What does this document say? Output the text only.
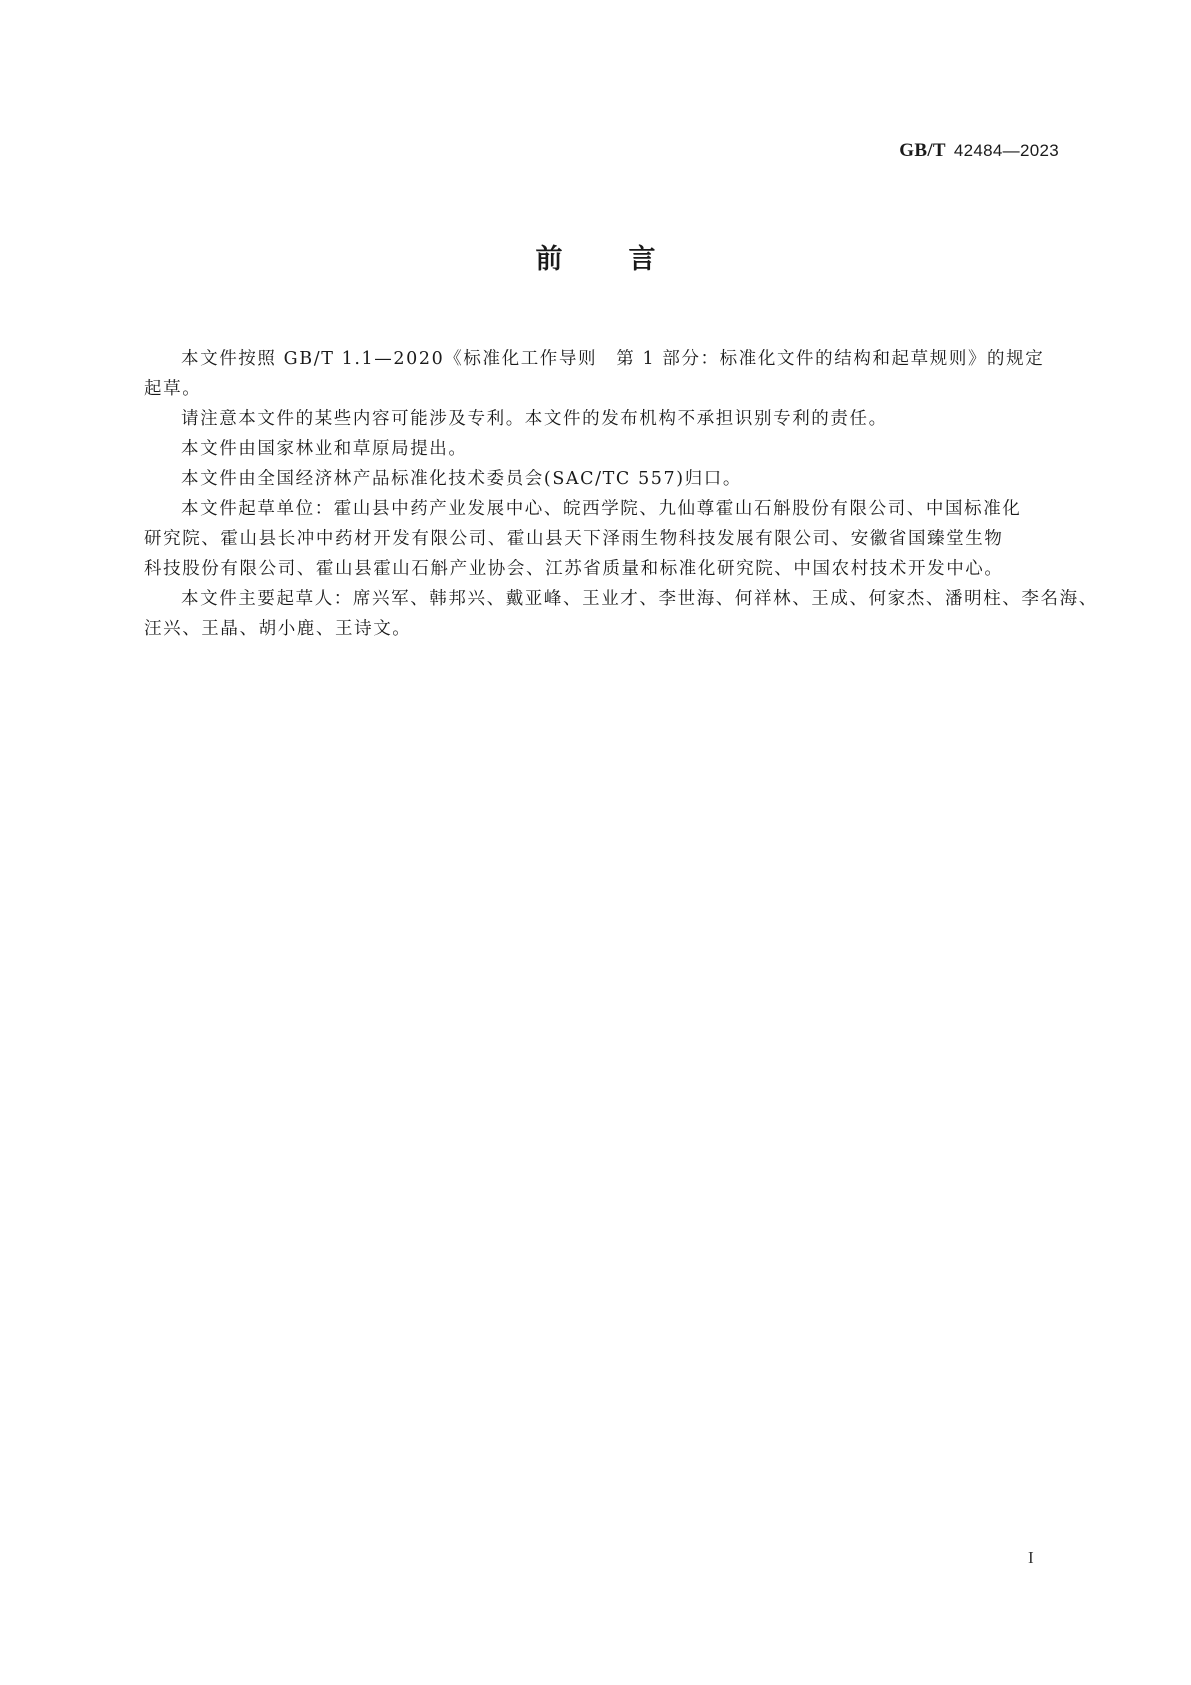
GB/T 42484—2023
前 言
本文件按照 GB/T 1.1—2020《标准化工作导则　第 1 部分：标准化文件的结构和起草规则》的规定
起草。
请注意本文件的某些内容可能涉及专利。本文件的发布机构不承担识别专利的责任。
本文件由国家林业和草原局提出。
本文件由全国经济林产品标准化技术委员会(SAC/TC 557)归口。
本文件起草单位：霍山县中药产业发展中心、皖西学院、九仙尊霍山石斛股份有限公司、中国标准化
研究院、霍山县长冲中药材开发有限公司、霍山县天下泽雨生物科技发展有限公司、安徽省国臻堂生物
科技股份有限公司、霍山县霍山石斛产业协会、江苏省质量和标准化研究院、中国农村技术开发中心。
本文件主要起草人：席兴军、韩邦兴、戴亚峰、王业才、李世海、何祥林、王成、何家杰、潘明柱、李名海、
汪兴、王晶、胡小鹿、王诗文。
I
